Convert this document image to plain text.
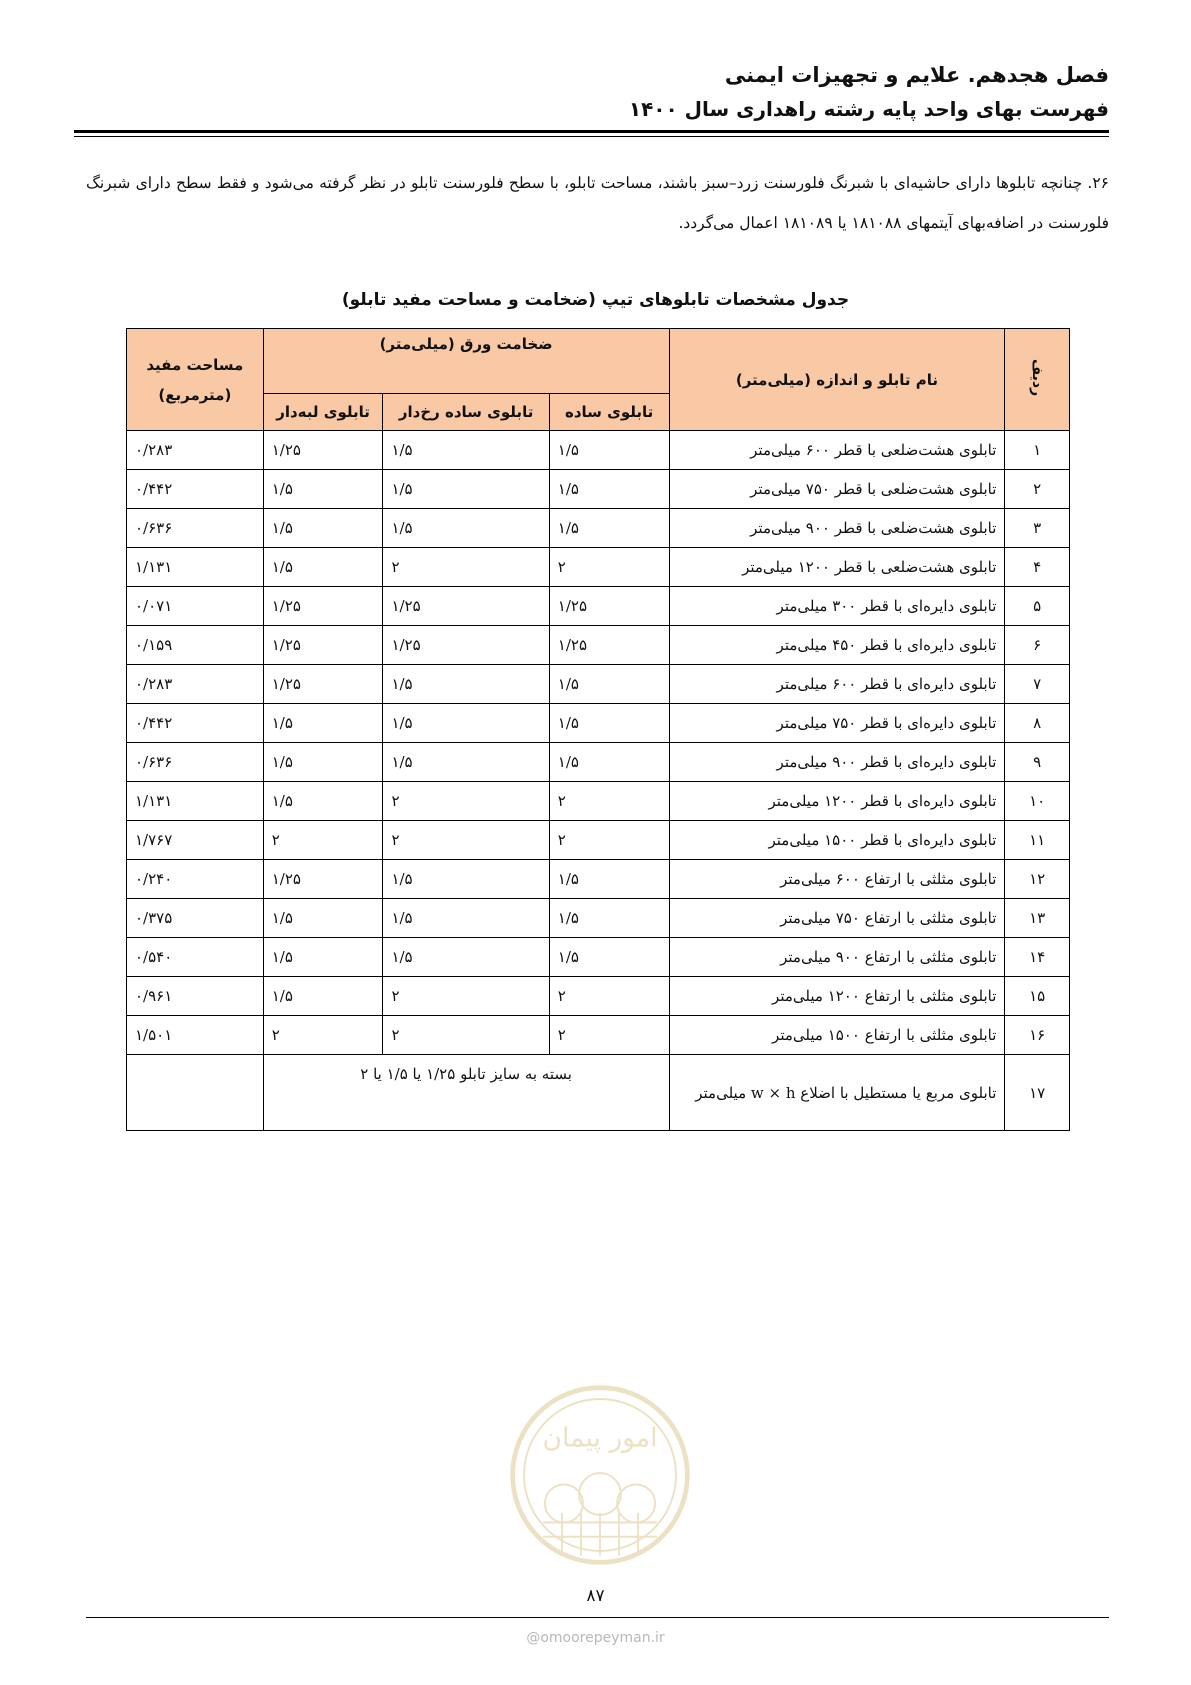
فصل هجدهم. علایم و تجهیزات ایمنی
فهرست بهای واحد پایه رشته راهداری سال ۱۴۰۰
۲۶. چنانچه تابلوها دارای حاشیه‌ای با شبرنگ فلورسنت زرد–سبز باشند، مساحت تابلو، با سطح فلورسنت تابلو در نظر گرفته می‌شود و فقط سطح دارای شبرنگ فلورسنت در اضافه‌بهای آیتمهای ۱۸۱۰۸۸ یا ۱۸۱۰۸۹ اعمال می‌گردد.
جدول مشخصات تابلوهای تیپ (ضخامت و مساحت مفید تابلو)
ردیف	نام تابلو و اندازه (میلی‌متر)	ضخامت ورق (میلی‌متر)			مساحت مفید
(مترمربع)

		تابلوی ساده	تابلوی ساده رخ‌دار	تابلوی لبه‌دار	
۱	تابلوی هشت‌ضلعی با قطر ۶۰۰ میلی‌متر	۱/۵	۱/۵	۱/۲۵	۰/۲۸۳
۲	تابلوی هشت‌ضلعی با قطر ۷۵۰ میلی‌متر	۱/۵	۱/۵	۱/۵	۰/۴۴۲
۳	تابلوی هشت‌ضلعی با قطر ۹۰۰ میلی‌متر	۱/۵	۱/۵	۱/۵	۰/۶۳۶
۴	تابلوی هشت‌ضلعی با قطر ۱۲۰۰ میلی‌متر	۲	۲	۱/۵	۱/۱۳۱
۵	تابلوی دایره‌ای با قطر ۳۰۰ میلی‌متر	۱/۲۵	۱/۲۵	۱/۲۵	۰/۰۷۱
۶	تابلوی دایره‌ای با قطر ۴۵۰ میلی‌متر	۱/۲۵	۱/۲۵	۱/۲۵	۰/۱۵۹
۷	تابلوی دایره‌ای با قطر ۶۰۰ میلی‌متر	۱/۵	۱/۵	۱/۲۵	۰/۲۸۳
۸	تابلوی دایره‌ای با قطر ۷۵۰ میلی‌متر	۱/۵	۱/۵	۱/۵	۰/۴۴۲
۹	تابلوی دایره‌ای با قطر ۹۰۰ میلی‌متر	۱/۵	۱/۵	۱/۵	۰/۶۳۶
۱۰	تابلوی دایره‌ای با قطر ۱۲۰۰ میلی‌متر	۲	۲	۱/۵	۱/۱۳۱
۱۱	تابلوی دایره‌ای با قطر ۱۵۰۰ میلی‌متر	۲	۲	۲	۱/۷۶۷
۱۲	تابلوی مثلثی با ارتفاع ۶۰۰ میلی‌متر	۱/۵	۱/۵	۱/۲۵	۰/۲۴۰
۱۳	تابلوی مثلثی با ارتفاع ۷۵۰ میلی‌متر	۱/۵	۱/۵	۱/۵	۰/۳۷۵
۱۴	تابلوی مثلثی با ارتفاع ۹۰۰ میلی‌متر	۱/۵	۱/۵	۱/۵	۰/۵۴۰
۱۵	تابلوی مثلثی با ارتفاع ۱۲۰۰ میلی‌متر	۲	۲	۱/۵	۰/۹۶۱
۱۶	تابلوی مثلثی با ارتفاع ۱۵۰۰ میلی‌متر	۲	۲	۲	۱/۵۰۱
۱۷	تابلوی مربع یا مستطیل با اضلاع w × h میلی‌متر	بسته به سایز تابلو ۱/۲۵ یا ۱/۵ یا ۲			
امور پیمان
۸۷
@omoorepeyman.ir
